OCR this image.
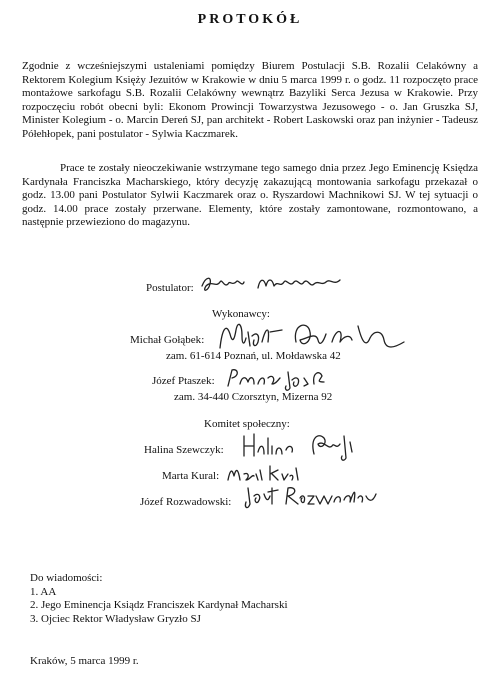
PROTOKÓŁ

Zgodnie z wcześniejszymi ustaleniami pomiędzy Biurem Postulacji S.B. Rozalii Celakówny a Rektorem Kolegium Księży Jezuitów w Krakowie w dniu 5 marca 1999 r. o godz. 11 rozpoczęto prace montażowe sarkofagu S.B. Rozalii Celakówny wewnątrz Bazyliki Serca Jezusa w Krakowie. Przy rozpoczęciu robót obecni byli: Ekonom Prowincji Towarzystwa Jezusowego - o. Jan Gruszka SJ, Minister Kolegium - o. Marcin Dereń SJ, pan architekt - Robert Laskowski oraz pan inżynier - Tadeusz Półehłopek, pani postulator - Sylwia Kaczmarek.

Prace te zostały nieoczekiwanie wstrzymane tego samego dnia przez Jego Eminencję Księdza Kardynała Franciszka Macharskiego, który decyzję zakazującą montowania sarkofagu przekazał o godz. 13.00 pani Postulator Sylwii Kaczmarek oraz o. Ryszardowi Machnikowi SJ. W tej sytuacji o godz. 14.00 prace zostały przerwane. Elementy, które zostały zamontowane, rozmontowano, a następnie przewieziono do magazynu.

Postulator:
Wykonawcy:
Michał Gołąbek:
zam. 61-614 Poznań, ul. Mołdawska 42
Józef Ptaszek:
zam. 34-440 Czorsztyn, Mizerna 92
Komitet społeczny:
Halina Szewczyk:
Marta Kural:
Józef Rozwadowski:
Do wiadomości:
1. AA
2. Jego Eminencja Ksiądz Franciszek Kardynał Macharski
3. Ojciec Rektor Władysław Gryzło SJ
Kraków, 5 marca 1999 r.
